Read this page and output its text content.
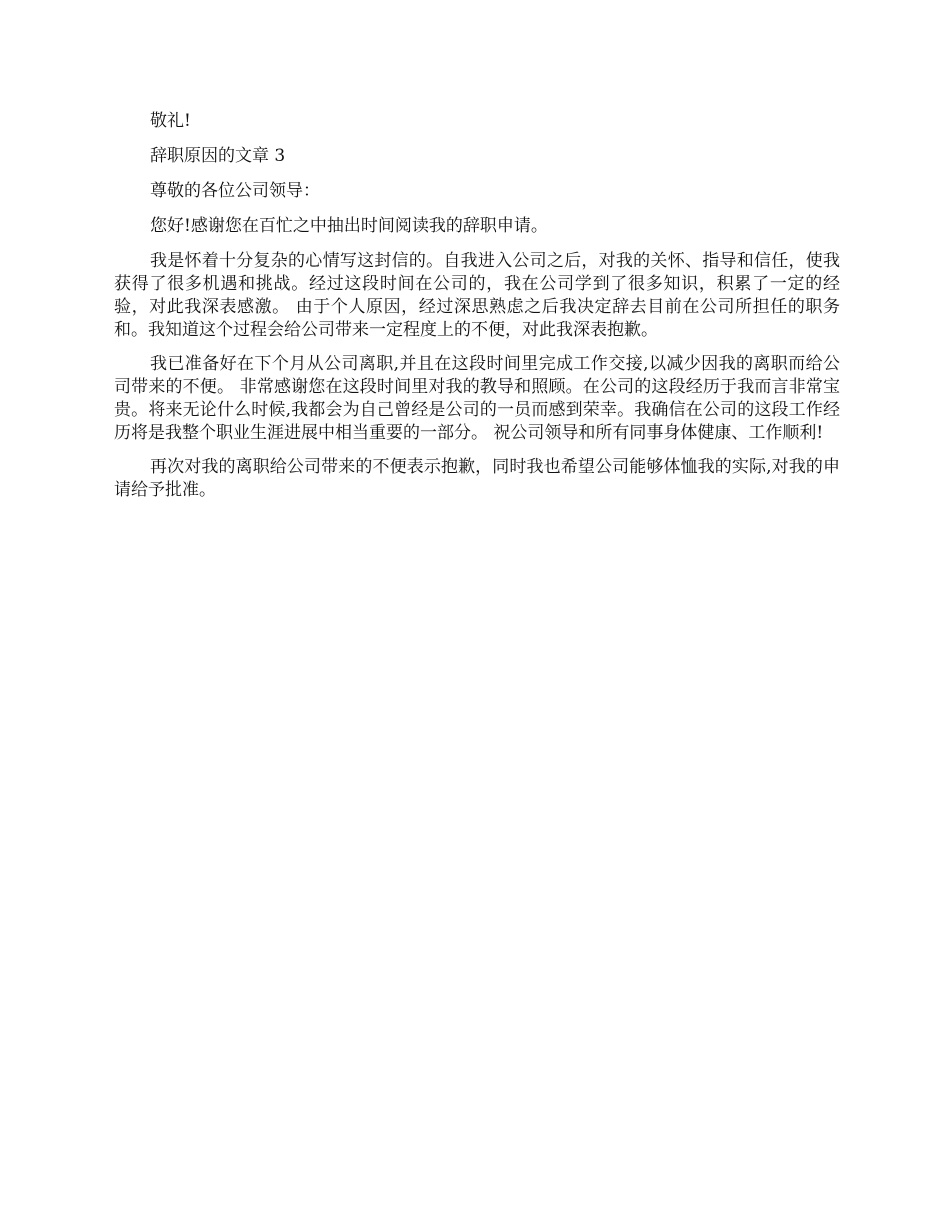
敬礼!

辞职原因的文章 3

尊敬的各位公司领导：

您好!感谢您在百忙之中抽出时间阅读我的辞职申请。

我是怀着十分复杂的心情写这封信的。自我进入公司之后，对我的关怀、指导和信任，使我获得了很多机遇和挑战。经过这段时间在公司的，我在公司学到了很多知识，积累了一定的经验，对此我深表感激。 由于个人原因，经过深思熟虑之后我决定辞去目前在公司所担任的职务和。我知道这个过程会给公司带来一定程度上的不便，对此我深表抱歉。

我已准备好在下个月从公司离职,并且在这段时间里完成工作交接,以减少因我的离职而给公司带来的不便。 非常感谢您在这段时间里对我的教导和照顾。在公司的这段经历于我而言非常宝贵。将来无论什么时候,我都会为自己曾经是公司的一员而感到荣幸。我确信在公司的这段工作经历将是我整个职业生涯进展中相当重要的一部分。 祝公司领导和所有同事身体健康、工作顺利!

再次对我的离职给公司带来的不便表示抱歉，同时我也希望公司能够体恤我的实际,对我的申请给予批准。
